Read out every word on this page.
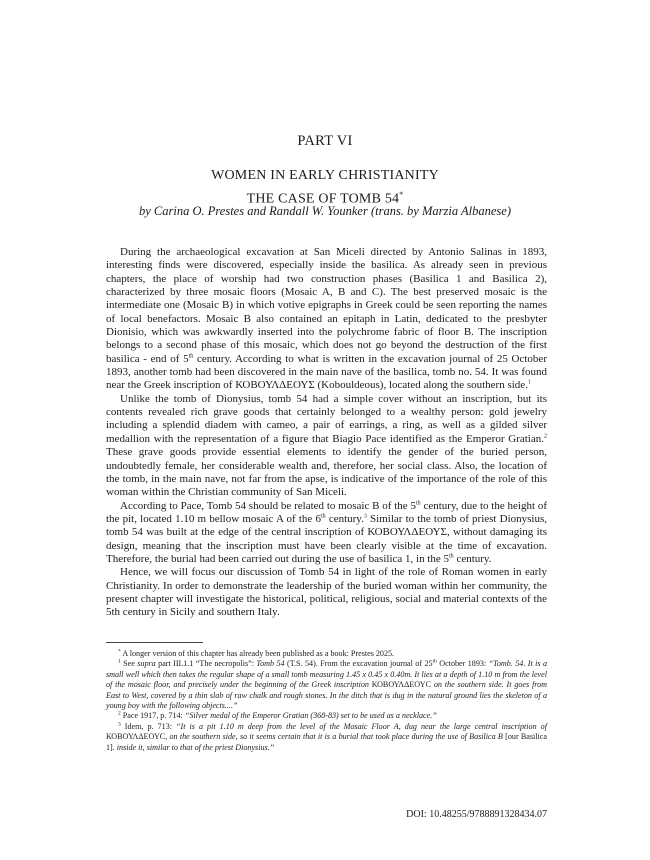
PART VI
WOMEN IN EARLY CHRISTIANITY
THE CASE OF TOMB 54*
by Carina O. Prestes and Randall W. Younker (trans. by Marzia Albanese)

During the archaeological excavation at San Miceli directed by Antonio Salinas in 1893, interesting finds were discovered, especially inside the basilica. As already seen in previous chapters, the place of worship had two construction phases (Basilica 1 and Basilica 2), characterized by three mosaic floors (Mosaic A, B and C). The best preserved mosaic is the intermediate one (Mosaic B) in which votive epigraphs in Greek could be seen reporting the names of local benefactors. Mosaic B also contained an epitaph in Latin, dedicated to the presbyter Dionisio, which was awkwardly inserted into the polychrome fabric of floor B. The inscription belongs to a second phase of this mosaic, which does not go beyond the destruction of the first basilica - end of 5th century. According to what is written in the excavation journal of 25 October 1893, another tomb had been discovered in the main nave of the basilica, tomb no. 54. It was found near the Greek inscription of ΚΟΒΟΥΛΔΕΟΥΣ (Kobouldeous), located along the southern side.$^1$

Unlike the tomb of Dionysius, tomb 54 had a simple cover without an inscription, but its contents revealed rich grave goods that certainly belonged to a wealthy person: gold jewelry including a splendid diadem with cameo, a pair of earrings, a ring, as well as a gilded silver medallion with the representation of a figure that Biagio Pace identified as the Emperor Gratian.$^2$ These grave goods provide essential elements to identify the gender of the buried person, undoubtedly female, her considerable wealth and, therefore, her social class. Also, the location of the tomb, in the main nave, not far from the apse, is indicative of the importance of the role of this woman within the Christian community of San Miceli.

According to Pace, Tomb 54 should be related to mosaic B of the 5th century, due to the height of the pit, located 1.10 m bellow mosaic A of the 6th century.$^3$ Similar to the tomb of priest Dionysius, tomb 54 was built at the edge of the central inscription of ΚΟΒΟΥΛΔΕΟΥΣ, without damaging its design, meaning that the inscription must have been clearly visible at the time of excavation. Therefore, the burial had been carried out during the use of basilica 1, in the 5th century.

Hence, we will focus our discussion of Tomb 54 in light of the role of Roman women in early Christianity. In order to demonstrate the leadership of the buried woman within her community, the present chapter will investigate the historical, political, religious, social and material contexts of the 5th century in Sicily and southern Italy.

* A longer version of this chapter has already been published as a book: Prestes 2025.

$^1$ See supra part III.1.1 “The necropolis”: Tomb 54 (T.S. 54). From the excavation journal of 25th October 1893: “Tomb. 54. It is a small well which then takes the regular shape of a small tomb measuring 1.45 x 0.45 x 0.40m. It lies at a depth of 1.10 m from the level of the mosaic floor, and precisely under the beginning of the Greek inscription ΚΟΒΟΥΛΔΕΟΥC on the southern side. It goes from East to West, covered by a thin slab of raw chalk and rough stones. In the ditch that is dug in the natural ground lies the skeleton of a young boy with the following objects....”

$^2$ Pace 1917, p. 714: “Silver medal of the Emperor Gratian (368-83) set to be used as a necklace.”

$^3$ Idem, p. 713: “It is a pit 1.10 m deep from the level of the Mosaic Floor A, dug near the large central inscription of ΚΟΒΟΥΛΔΕΟΥC, on the southern side, so it seems certain that it is a burial that took place during the use of Basilica B [our Basilica 1]. inside it, similar to that of the priest Dionysius.”

DOI: 10.48255/9788891328434.07
